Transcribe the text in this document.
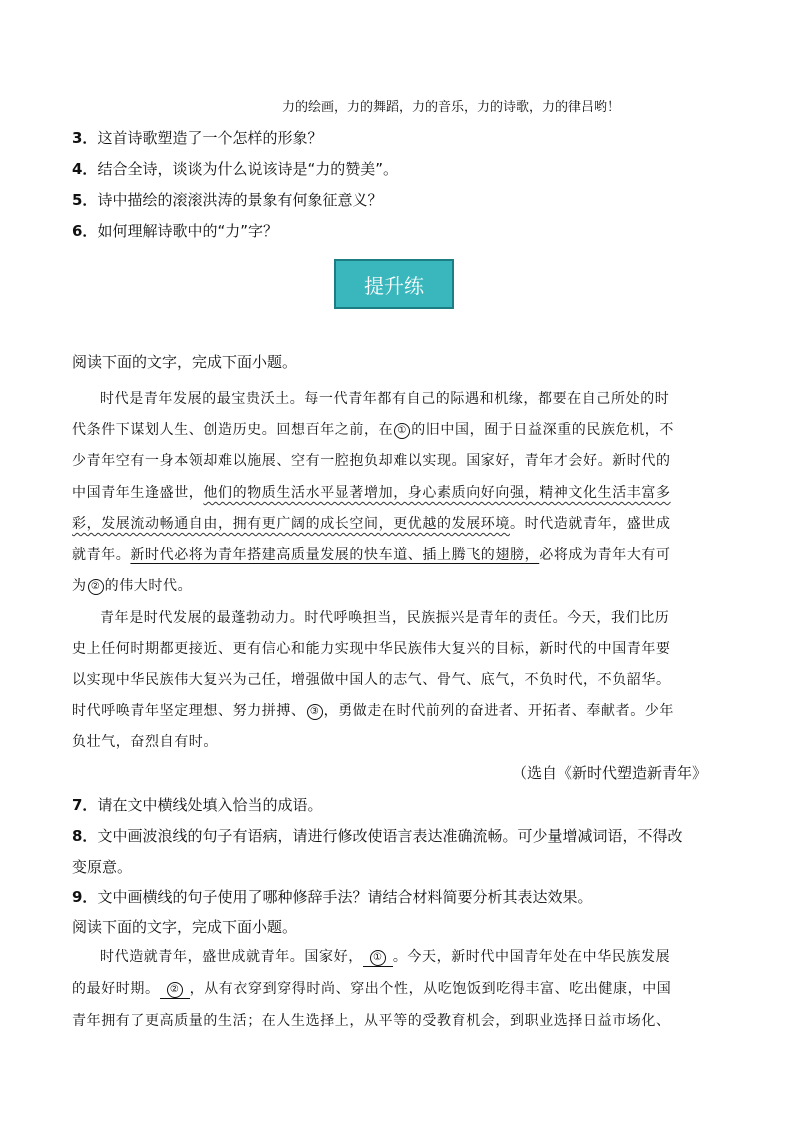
力的绘画，力的舞蹈，力的音乐，力的诗歌，力的律吕哟！
3．这首诗歌塑造了一个怎样的形象？
4．结合全诗，谈谈为什么说该诗是“力的赞美”。
5．诗中描绘的滚滚洪涛的景象有何象征意义？
6．如何理解诗歌中的“力”字？
提升练
阅读下面的文字，完成下面小题。
时代是青年发展的最宝贵沃土。每一代青年都有自己的际遇和机缘，都要在自己所处的时
代条件下谋划人生、创造历史。回想百年之前，在 ① 的旧中国，囿于日益深重的民族危机，不
少青年空有一身本领却难以施展、空有一腔抱负却难以实现。国家好，青年才会好。新时代的
中国青年生逢盛世，他们的物质生活水平显著增加，身心素质向好向强，精神文化生活丰富多
彩，发展流动畅通自由，拥有更广阔的成长空间，更优越的发展环境。时代造就青年，盛世成
就青年。新时代必将为青年搭建高质量发展的快车道、插上腾飞的翅膀，必将成为青年大有可
为 ② 的伟大时代。
青年是时代发展的最蓬勃动力。时代呼唤担当，民族振兴是青年的责任。今天，我们比历
史上任何时期都更接近、更有信心和能力实现中华民族伟大复兴的目标，新时代的中国青年要
以实现中华民族伟大复兴为己任，增强做中国人的志气、骨气、底气，不负时代，不负韶华。
时代呼唤青年坚定理想、努力拼搏、 ③ ，勇做走在时代前列的奋进者、开拓者、奉献者。少年
负壮气，奋烈自有时。
（选自《新时代塑造新青年》
7．请在文中横线处填入恰当的成语。
8．文中画波浪线的句子有语病，请进行修改使语言表达准确流畅。可少量增减词语，不得改
变原意。
9．文中画横线的句子使用了哪种修辞手法？请结合材料简要分析其表达效果。
阅读下面的文字，完成下面小题。
时代造就青年，盛世成就青年。国家好， ① 。今天，新时代中国青年处在中华民族发展
的最好时期。 ② ，从有衣穿到穿得时尚、穿出个性，从吃饱饭到吃得丰富、吃出健康，中国
青年拥有了更高质量的生活；在人生选择上，从平等的受教育机会，到职业选择日益市场化、
